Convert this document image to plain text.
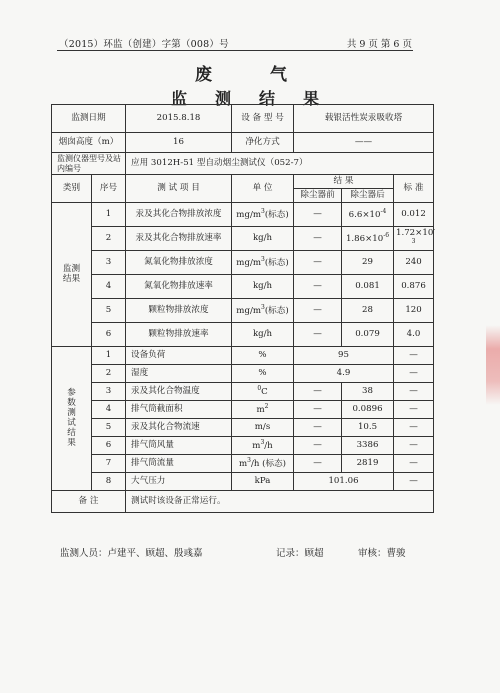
（2015）环监（创建）字第（008）号	共 9 页 第 6 页
废气
监测结果
监测日期		2015.8.18	设 备 型 号	载银活性炭汞吸收塔		
烟囱高度（m）		16	净化方式	——		
监测仪器型号及站内编号		应用 3012H-51 型自动烟尘测试仪（052-7）				
类别	序号	测 试 项 目	单 位	结 果		标 准
				除尘器前	除尘器后	
监测结果	1	汞及其化合物排放浓度	$mg/m^3$(标态)	—	$6.6\times 10^{-4}$	0.012
	2	汞及其化合物排放速率	kg/h	—	$1.86\times 10^{-6}$	$1.72\times 10^{-3}$
	3	氮氧化物排放浓度	$mg/m^3$(标态)	—	29	240
	4	氮氧化物排放速率	kg/h	—	0.081	0.876
	5	颗粒物排放浓度	$mg/m^3$(标态)	—	28	120
	6	颗粒物排放速率	kg/h	—	0.079	4.0
参数测试结果	1	设备负荷	%	95		—
	2	湿度	%	4.9		—
	3	汞及其化合物温度	$^0$C	—	38	—
	4	排气筒截面积	$m^2$	—	0.0896	—
	5	汞及其化合物流速	m/s	—	10.5	—
	6	排气筒风量	$m^3/h$	—	3386	—
	7	排气筒流量	$m^3/h$ (标态)	—	2819	—
	8	大气压力	kPa	101.06		—
备 注		测试时该设备正常运行。				
监测人员：卢建平、顾超、殷彧嘉	记录：顾超	审核：曹骏
